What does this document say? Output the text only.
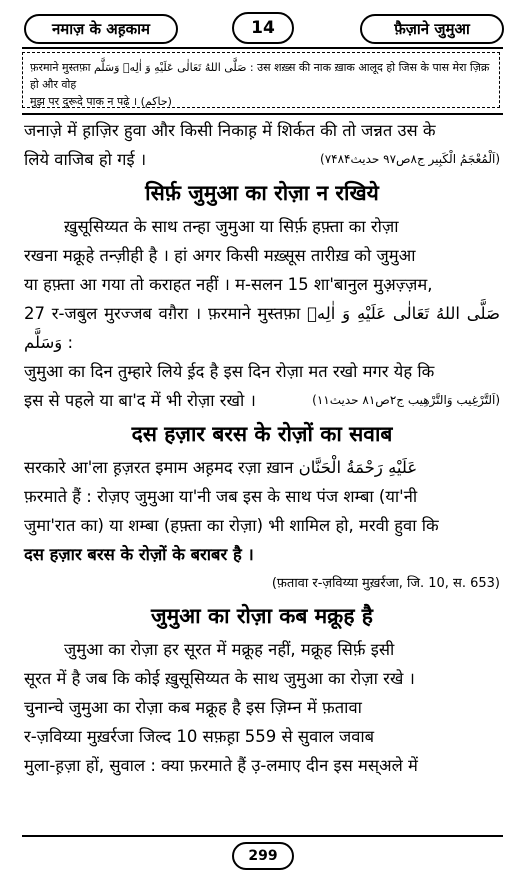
नमाज़ के अह़काम	14	फ़ैज़ाने जुमुआ
फ़रमाने मुस्तफ़ा صَلَّى اللهُ تَعَالٰى عَلَيْهِ وَ اٰلِهٖ وَسَلَّم : उस शख़्स की नाक ख़ाक आलूद हो जिस के पास मेरा ज़िक्र हो और वोह
मुझ पर दुरूदे पाक न पढ़े । (حاکم)

जनाज़े में ह़ाज़िर हुवा और किसी निकाह़ में शिर्कत की तो जन्नत उस के

लिये वाजिब हो गई ।	(اَلْمُعْجَمُ الْکَبِیر ج۸ص۹۷ حدیث۷۴۸۴)

सिर्फ़ जुमुआ का रोज़ा न रखिये

ख़ुसूसिय्यत के साथ तन्हा जुमुआ या सिर्फ़ हफ़्ता का रोज़ा

रखना मक्रूहे तन्ज़ीही है । हां अगर किसी मख़्सूस तारीख़ को जुमुआ

या हफ़्ता आ गया तो कराहत नहीं । म-सलन 15 शा'बानुल मुअ़ज़्ज़म,

27 र-जबुल मुरज्जब वग़ैरा । फ़रमाने मुस्तफ़ा صَلَّى اللهُ تَعَالٰى عَلَيْهِ وَ اٰلِهٖ وَسَلَّم :

जुमुआ का दिन तुम्हारे लिये ई़द है इस दिन रोज़ा मत रखो मगर येह कि

इस से पहले या बा'द में भी रोज़ा रखो ।	(اَلتَّرْغِیب وَالتَّرْهِیب ج۲ص۸۱ حدیث۱۱)

दस हज़ार बरस के रोज़ों का सवाब

सरकारे आ'ला ह़ज़रत इमाम अह़मद रज़ा ख़ान عَلَيْهِ رَحْمَةُ الْحَنَّان

फ़रमाते हैं : रोज़ए जुमुआ या'नी जब इस के साथ पंज शम्बा (या'नी

जुमा'रात का) या शम्बा (हफ़्ता का रोज़ा) भी शामिल हो, मरवी हुवा कि

दस हज़ार बरस के रोज़ों के बराबर है ।

(फ़तावा र-ज़विय्या मुख़र्रजा, जि. 10, स. 653)
जुमुआ का रोज़ा कब मक्रूह है

जुमुआ का रोज़ा हर सूरत में मक्रूह नहीं, मक्रूह सिर्फ़ इसी

सूरत में है जब कि कोई ख़ुसूसिय्यत के साथ जुमुआ का रोज़ा रखे ।

चुनान्चे जुमुआ का रोज़ा कब मक्रूह है इस ज़िम्न में फ़तावा

र-ज़विय्या मुख़र्रजा जिल्द 10 सफ़ह़ा 559 से सुवाल जवाब

मुला-ह़ज़ा हों, सुवाल : क्या फ़रमाते हैं उ़-लमाए दीन इस मस्अले में

299
